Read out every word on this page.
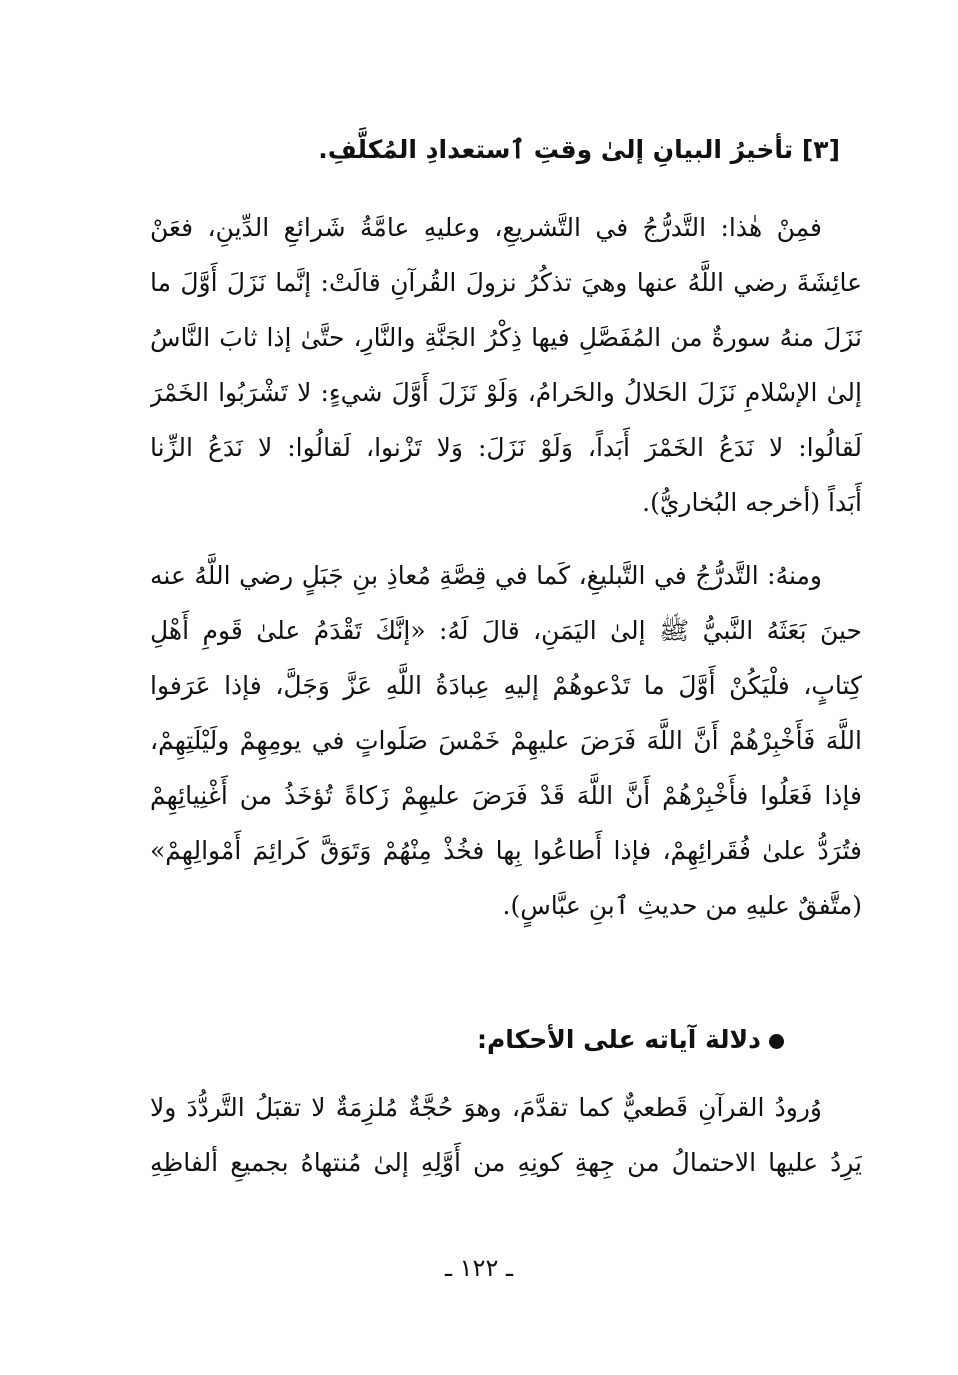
[٣] تأخيرُ البيانِ إلىٰ وقتِ ٱستعدادِ المُكلَّفِ.
فمِنْ هٰذا: التَّدرُّجُ في التَّشريعِ، وعليهِ عامَّةُ شَرائعِ الدِّينِ، فعَنْ
عائِشَةَ رضي اللَّهُ عنها وهيَ تذكُرُ نزولَ القُرآنِ قالَتْ: إنَّما نَزَلَ أَوَّلَ ما
نَزَلَ منهُ سورةٌ من المُفَصَّلِ فيها ذِكْرُ الجَنَّةِ والنَّارِ، حتَّىٰ إذا ثابَ النَّاسُ
إلىٰ الإسْلامِ نَزَلَ الحَلالُ والحَرامُ، وَلَوْ نَزَلَ أَوَّلَ شيءٍ: لا تَشْرَبُوا الخَمْرَ
لَقالُوا: لا نَدَعُ الخَمْرَ أَبَداً، وَلَوْ نَزَلَ: وَلا تَزْنوا، لَقالُوا: لا نَدَعُ الزِّنا
أَبَداً (أخرجه البُخاريُّ).
ومنهُ: التَّدرُّجُ في التَّبليغِ، كَما في قِصَّةِ مُعاذِ بنِ جَبَلٍ رضي اللَّهُ عنه
حينَ بَعَثَهُ النَّبيُّ ﷺ إلىٰ اليَمَنِ، قالَ لَهُ: «إنَّكَ تَقْدَمُ علىٰ قَومِ أَهْلِ
كِتابٍ، فلْيَكُنْ أَوَّلَ ما تَدْعوهُمْ إليهِ عِبادَةُ اللَّهِ عَزَّ وَجَلَّ، فإذا عَرَفوا
اللَّهَ فَأَخْبِرْهُمْ أَنَّ اللَّهَ فَرَضَ عليهِمْ خَمْسَ صَلَواتٍ في يومِهِمْ ولَيْلَتِهِمْ،
فإذا فَعَلُوا فأَخْبِرْهُمْ أَنَّ اللَّهَ قَدْ فَرَضَ عليهِمْ زَكاةً تُؤخَذُ من أَغْنِيائِهِمْ
فتُرَدُّ علىٰ فُقَرائِهِمْ، فإذا أَطاعُوا بِها فخُذْ مِنْهُمْ وَتَوَقَّ كَرائِمَ أَمْوالِهِمْ»
(متَّفقٌ عليهِ من حديثِ ٱبنِ عبَّاسٍ).
دلالة آياته على الأحكام:
وُرودُ القرآنِ قَطعيٌّ كما تقدَّمَ، وهوَ حُجَّةٌ مُلزِمَةٌ لا تقبَلُ التَّردُّدَ ولا
يَرِدُ عليها الاحتمالُ من جِهةِ كونِهِ من أَوَّلِهِ إلىٰ مُنتهاهُ بجميعِ ألفاظِهِ
ـ ١٢٢ ـ
